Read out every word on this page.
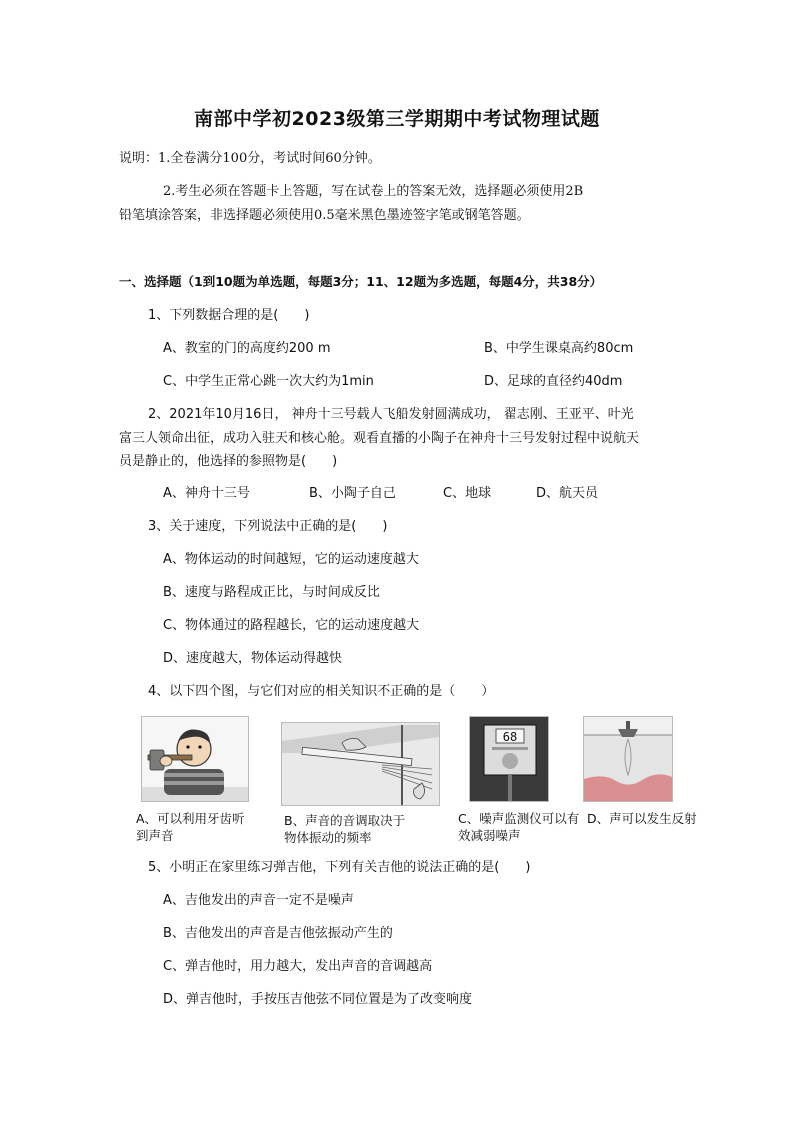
南部中学初2023级第三学期期中考试物理试题
说明：1.全卷满分100分，考试时间60分钟。
2.考生必须在答题卡上答题，写在试卷上的答案无效，选择题必须使用2B
铅笔填涂答案，非选择题必须使用0.5毫米黑色墨迹签字笔或钢笔答题。
一、选择题（1到10题为单选题，每题3分；11、12题为多选题，每题4分，共38分）
1、下列数据合理的是(　　)
A、教室的门的高度约200 m	B、中学生课桌高约80cm
C、中学生正常心跳一次大约为1min	D、足球的直径约40dm
2、2021年10月16日， 神舟十三号载人飞船发射圆满成功， 翟志刚、王亚平、叶光
富三人领命出征，成功入驻天和核心舱。观看直播的小陶子在神舟十三号发射过程中说航天
员是静止的，他选择的参照物是(　　)
A、神舟十三号	B、小陶子自己	C、地球	D、航天员
3、关于速度，下列说法中正确的是(　　)
A、物体运动的时间越短，它的运动速度越大
B、速度与路程成正比，与时间成反比
C、物体通过的路程越长，它的运动速度越大
D、速度越大，物体运动得越快
4、以下四个图，与它们对应的相关知识不正确的是（　　）
A、可以利用牙齿听到声音
B、声音的音调取决于物体振动的频率
68
C、噪声监测仪可以有效减弱噪声
D、声可以发生反射
5、小明正在家里练习弹吉他，下列有关吉他的说法正确的是(　　)
A、吉他发出的声音一定不是噪声
B、吉他发出的声音是吉他弦振动产生的
C、弹吉他时，用力越大，发出声音的音调越高
D、弹吉他时，手按压吉他弦不同位置是为了改变响度
